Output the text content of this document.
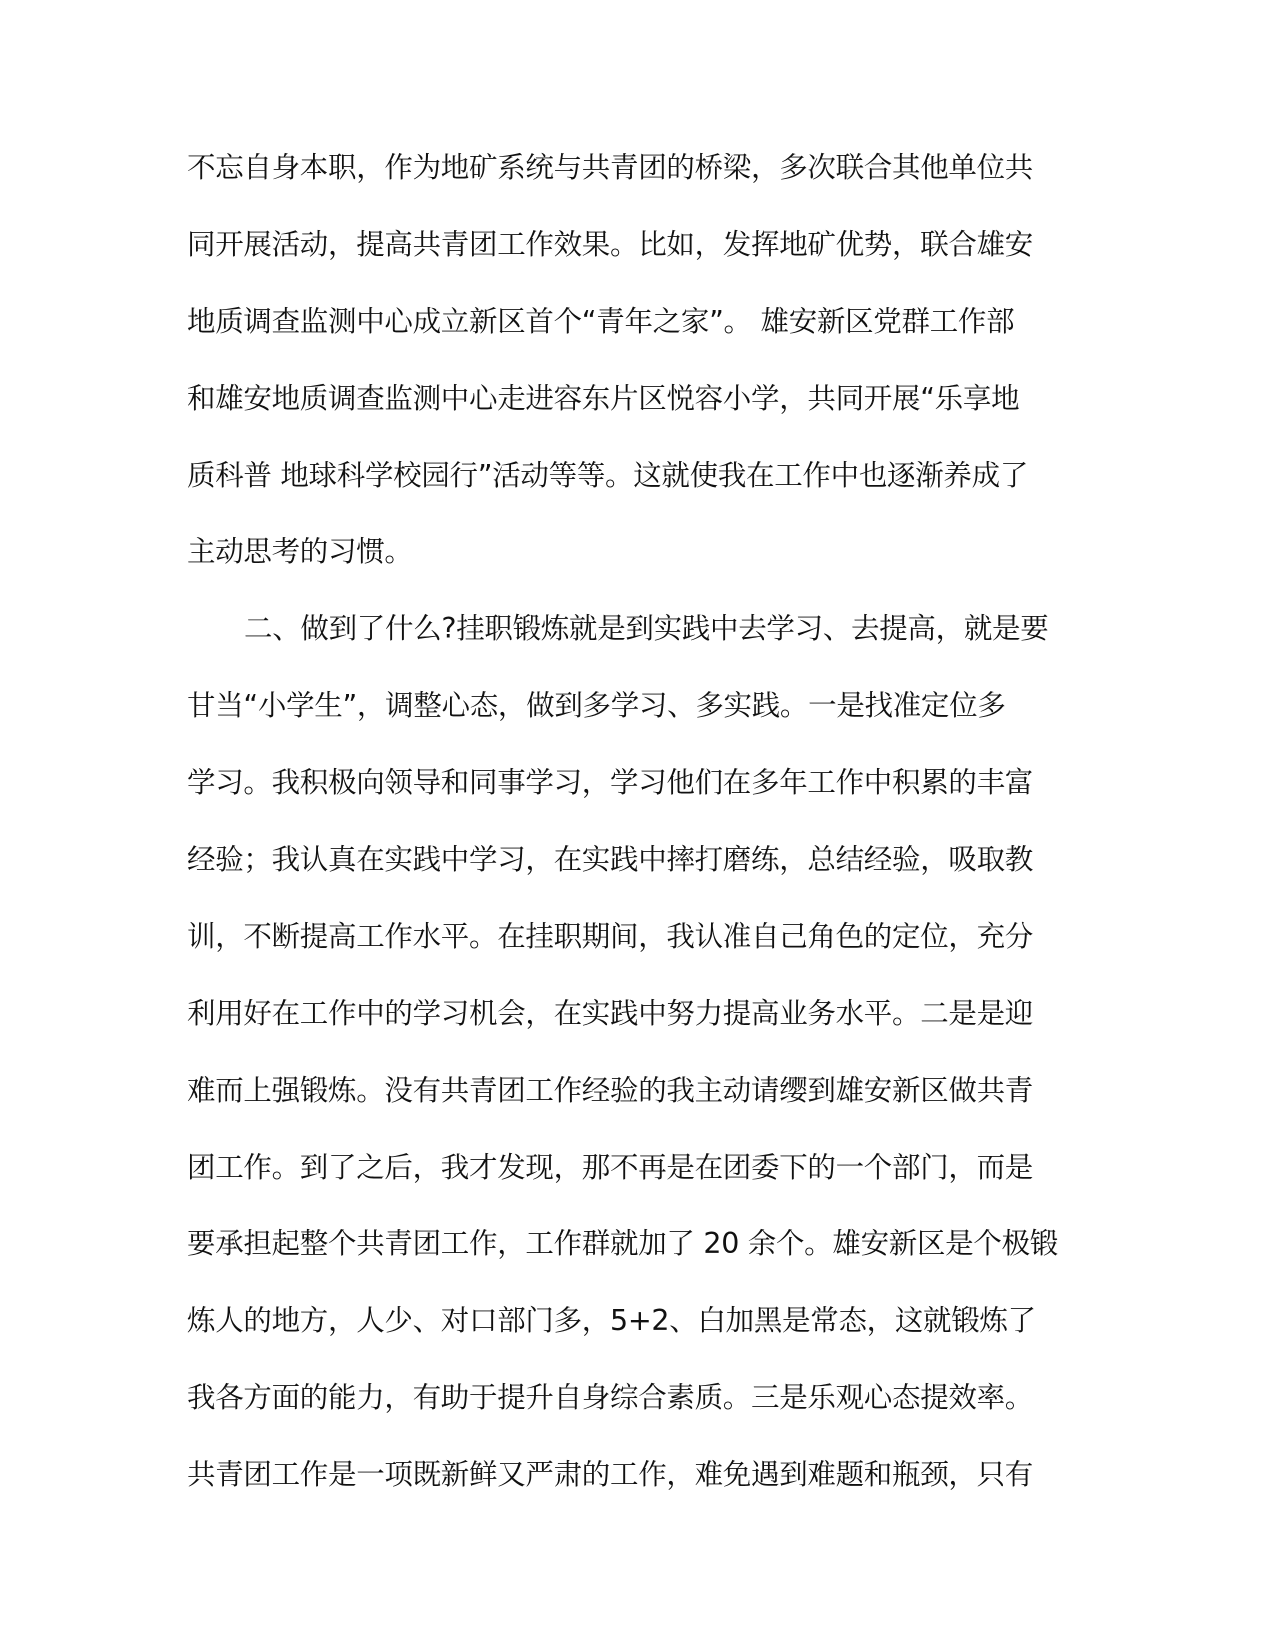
不忘自身本职，作为地矿系统与共青团的桥梁，多次联合其他单位共
同开展活动，提高共青团工作效果。比如，发挥地矿优势，联合雄安
地质调查监测中心成立新区首个“青年之家”。 雄安新区党群工作部
和雄安地质调查监测中心走进容东片区悦容小学，共同开展“乐享地
质科普 地球科学校园行”活动等等。这就使我在工作中也逐渐养成了
主动思考的习惯。
二、做到了什么?挂职锻炼就是到实践中去学习、去提高，就是要
甘当“小学生”，调整心态，做到多学习、多实践。一是找准定位多
学习。我积极向领导和同事学习，学习他们在多年工作中积累的丰富
经验；我认真在实践中学习，在实践中摔打磨练，总结经验，吸取教
训，不断提高工作水平。在挂职期间，我认准自己角色的定位，充分
利用好在工作中的学习机会，在实践中努力提高业务水平。二是是迎
难而上强锻炼。没有共青团工作经验的我主动请缨到雄安新区做共青
团工作。到了之后，我才发现，那不再是在团委下的一个部门，而是
要承担起整个共青团工作，工作群就加了 20 余个。雄安新区是个极锻
炼人的地方，人少、对口部门多，5+2、白加黑是常态，这就锻炼了
我各方面的能力，有助于提升自身综合素质。三是乐观心态提效率。
共青团工作是一项既新鲜又严肃的工作，难免遇到难题和瓶颈，只有
